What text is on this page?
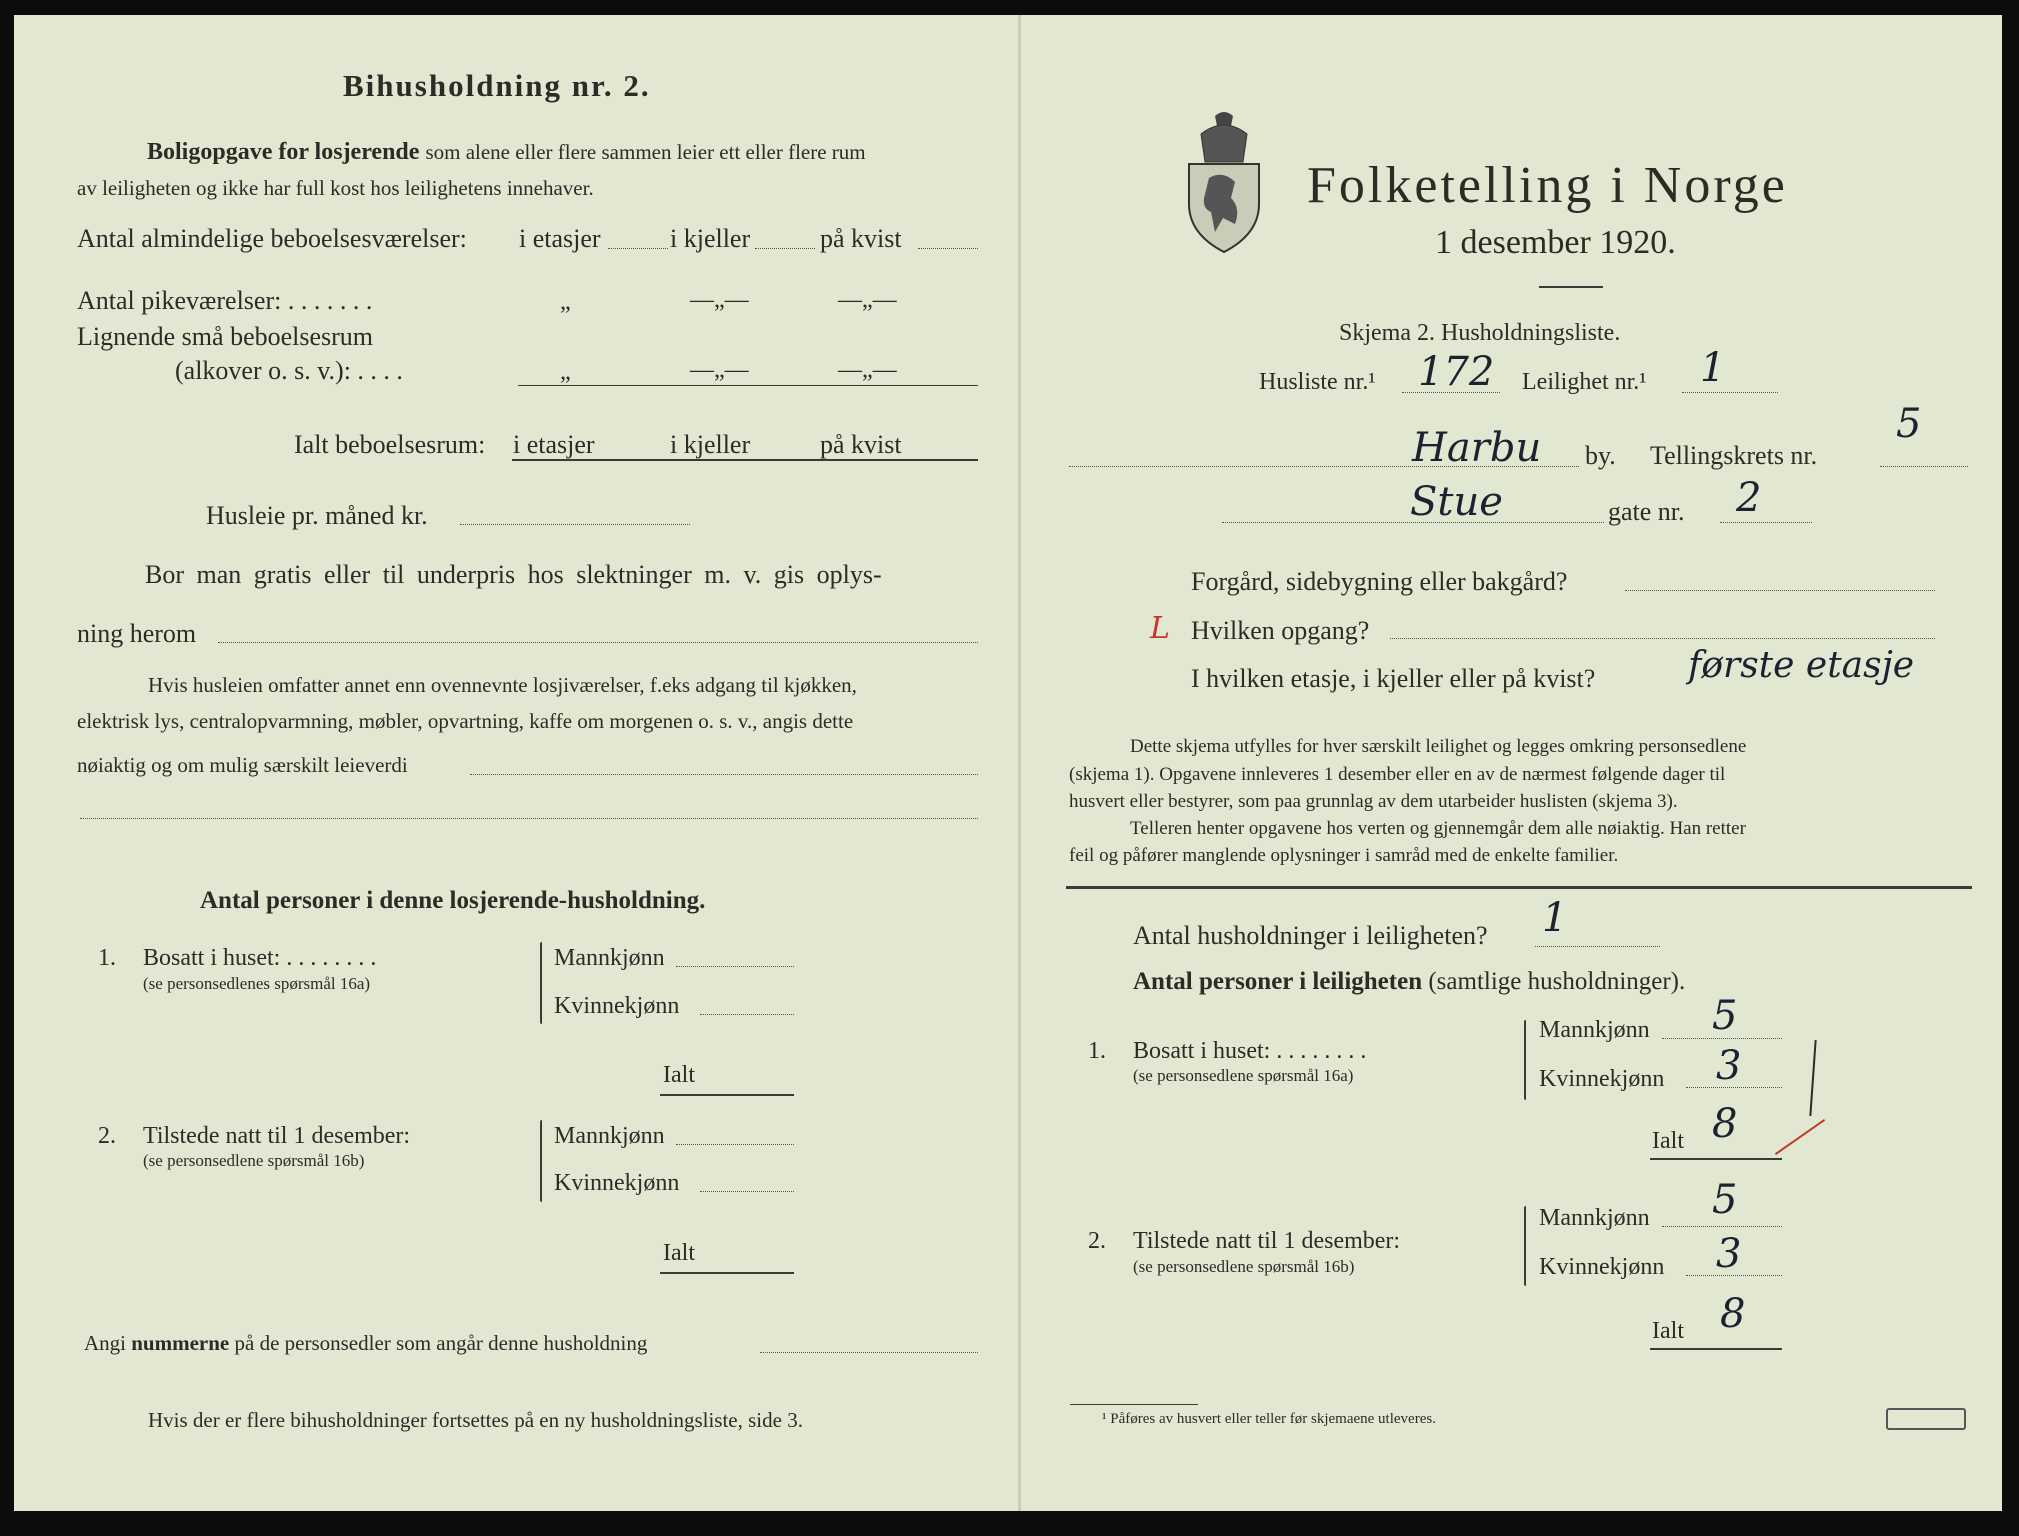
Bihusholdning nr. 2.
Boligopgave for losjerende som alene eller flere sammen leier ett eller flere rum
av leiligheten og ikke har full kost hos leilighetens innehaver.
Antal almindelige beboelsesværelser: i etasjer	i kjeller	på kvist
Antal pikeværelser: . . . . . . .	„	—„—	—„—
Lignende små beboelsesrum
(alkover o. s. v.): . . . .	„	—„—	—„—
Ialt beboelsesrum: i etasjer	i kjeller	på kvist
Husleie pr. måned kr.
Bor man gratis eller til underpris hos slektninger m. v. gis oplys-
ning herom
Hvis husleien omfatter annet enn ovennevnte losjiværelser, f.eks adgang til kjøkken,
elektrisk lys, centralopvarmning, møbler, opvartning, kaffe om morgenen o. s. v., angis dette
nøiaktig og om mulig særskilt leieverdi
Antal personer i denne losjerende-husholdning.
1. Bosatt i huset: . . . . . . . .
(se personsedlenes spørsmål 16a)
Mannkjønn
Kvinnekjønn
Ialt
2. Tilstede natt til 1 desember:
(se personsedlene spørsmål 16b)
Mannkjønn
Kvinnekjønn
Ialt
Angi nummerne på de personsedler som angår denne husholdning
Hvis der er flere bihusholdninger fortsettes på en ny husholdningsliste, side 3.
Folketelling i Norge
1 desember 1920.
Skjema 2. Husholdningsliste.
Husliste nr.¹ 172 Leilighet nr.¹ 1
Harbu by. Tellingskrets nr.
5
Stue	gate nr. 2
Forgård, sidebygning eller bakgård?
L Hvilken opgang?
I hvilken etasje, i kjeller eller på kvist?	første etasje
Dette skjema utfylles for hver særskilt leilighet og legges omkring personsedlene
(skjema 1). Opgavene innleveres 1 desember eller en av de nærmest følgende dager til
husvert eller bestyrer, som paa grunnlag av dem utarbeider huslisten (skjema 3).
Telleren henter opgavene hos verten og gjennemgår dem alle nøiaktig. Han retter
feil og påfører manglende oplysninger i samråd med de enkelte familier.
Antal husholdninger i leiligheten? 1
Antal personer i leiligheten (samtlige husholdninger).
1. Bosatt i huset: . . . . . . . .
(se personsedlene spørsmål 16a)
Mannkjønn 5
Kvinnekjønn 3
Ialt 8
2. Tilstede natt til 1 desember:
(se personsedlene spørsmål 16b)
Mannkjønn 5
Kvinnekjønn 3
Ialt 8
¹ Påføres av husvert eller teller før skjemaene utleveres.
